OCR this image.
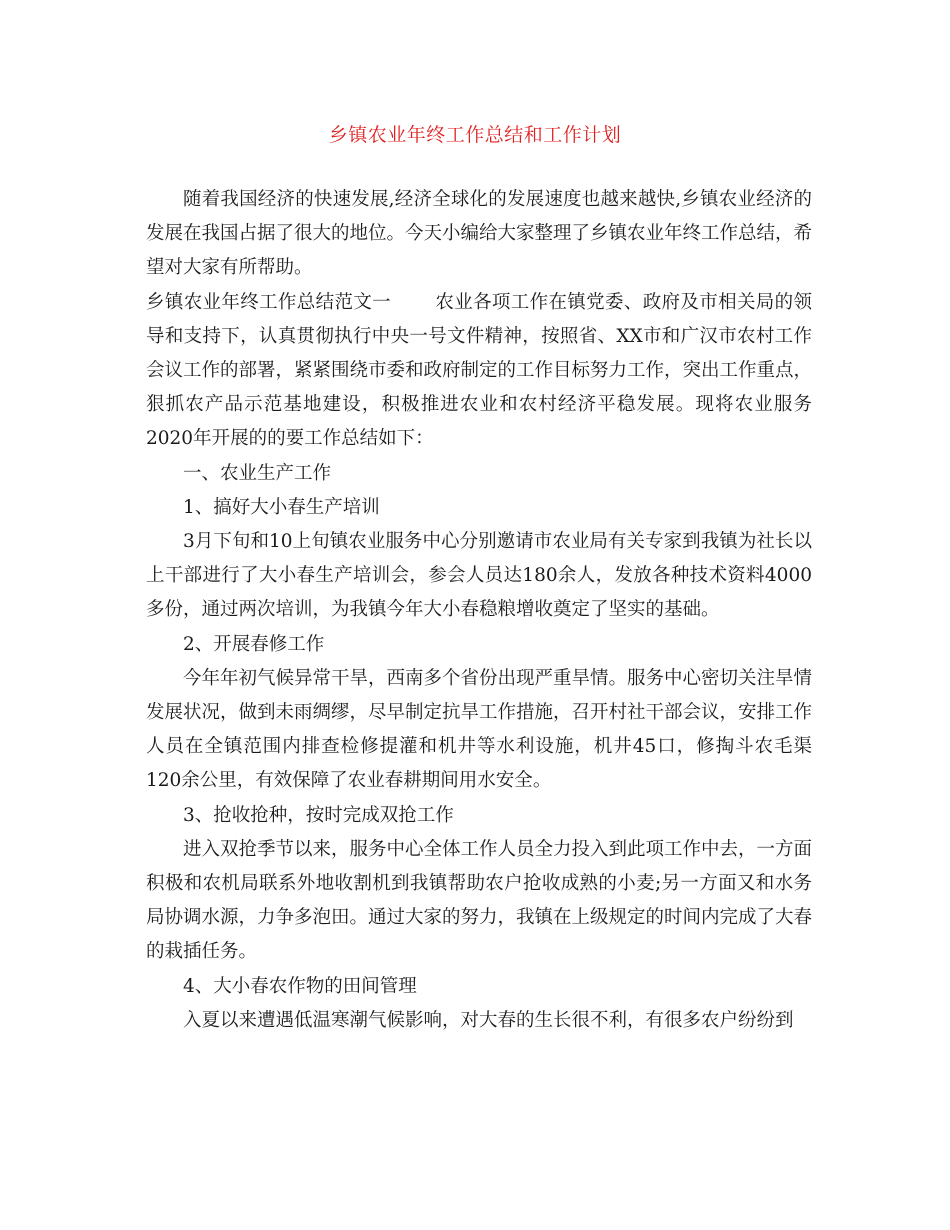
乡镇农业年终工作总结和工作计划

随着我国经济的快速发展,经济全球化的发展速度也越来越快,乡镇农业经济的发展在我国占据了很大的地位。今天小编给大家整理了乡镇农业年终工作总结，希望对大家有所帮助。

乡镇农业年终工作总结范文一 农业各项工作在镇党委、政府及市相关局的领导和支持下，认真贯彻执行中央一号文件精神，按照省、XX市和广汉市农村工作会议工作的部署，紧紧围绕市委和政府制定的工作目标努力工作，突出工作重点，狠抓农产品示范基地建设，积极推进农业和农村经济平稳发展。现将农业服务2020年开展的的要工作总结如下：

一、农业生产工作

1、搞好大小春生产培训

3月下旬和10上旬镇农业服务中心分别邀请市农业局有关专家到我镇为社长以上干部进行了大小春生产培训会，参会人员达180余人，发放各种技术资料4000多份，通过两次培训，为我镇今年大小春稳粮增收奠定了坚实的基础。

2、开展春修工作

今年年初气候异常干旱，西南多个省份出现严重旱情。服务中心密切关注旱情发展状况，做到未雨绸缪，尽早制定抗旱工作措施，召开村社干部会议，安排工作人员在全镇范围内排查检修提灌和机井等水利设施，机井45口，修掏斗农毛渠120余公里，有效保障了农业春耕期间用水安全。

3、抢收抢种，按时完成双抢工作

进入双抢季节以来，服务中心全体工作人员全力投入到此项工作中去，一方面积极和农机局联系外地收割机到我镇帮助农户抢收成熟的小麦;另一方面又和水务局协调水源，力争多泡田。通过大家的努力，我镇在上级规定的时间内完成了大春的栽插任务。

4、大小春农作物的田间管理

入夏以来遭遇低温寒潮气候影响，对大春的生长很不利，有很多农户纷纷到
